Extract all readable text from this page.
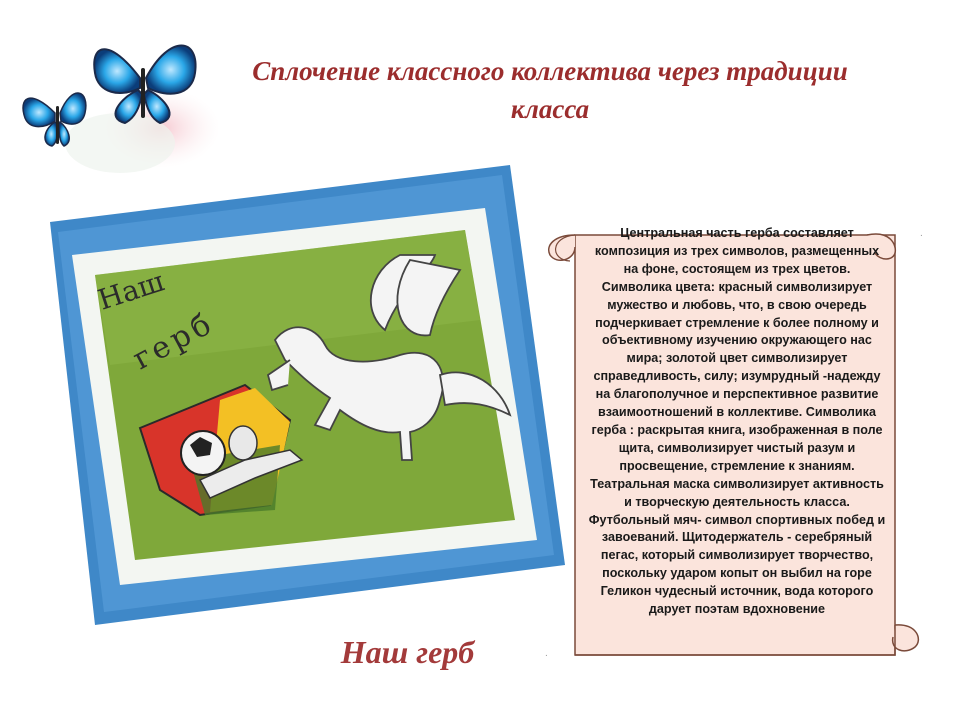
Сплочение классного коллектива через традиции класса
Наш
герб

Центральная часть герба составляет композиция из трех символов, размещенных на фоне, состоящем из трех цветов. Символика цвета: красный символизирует мужество и любовь, что, в свою очередь подчеркивает стремление к более полному и объективному изучению окружающего нас мира; золотой цвет символизирует справедливость, силу; изумрудный -надежду на благополучное и перспективное развитие взаимоотношений в коллективе. Символика герба : раскрытая книга, изображенная в поле щита, символизирует чистый разум и просвещение, стремление к знаниям. Театральная маска символизирует активность и творческую деятельность класса. Футбольный мяч- символ спортивных побед и завоеваний. Щитодержатель - серебряный пегас, который символизирует творчество, поскольку ударом копыт он выбил на горе Геликон чудесный источник, вода которого дарует поэтам вдохновение

.
.

Наш герб
